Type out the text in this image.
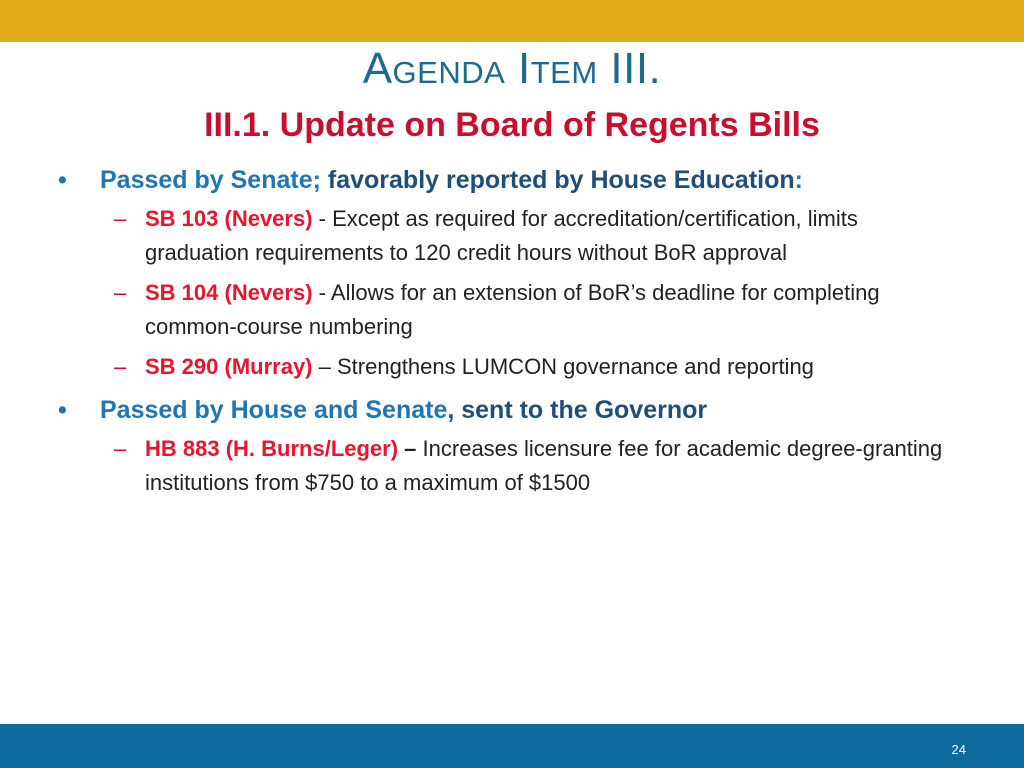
Agenda Item III.
III.1. Update on Board of Regents Bills
•	Passed by Senate; favorably reported by House Education:
– SB 103 (Nevers) - Except as required for accreditation/certification, limits graduation requirements to 120 credit hours without BoR approval
– SB 104 (Nevers) - Allows for an extension of BoR’s deadline for completing common-course numbering
– SB 290 (Murray) – Strengthens LUMCON governance and reporting
•	Passed by House and Senate, sent to the Governor
– HB 883 (H. Burns/Leger) – Increases licensure fee for academic degree-granting institutions from $750 to a maximum of $1500
24
